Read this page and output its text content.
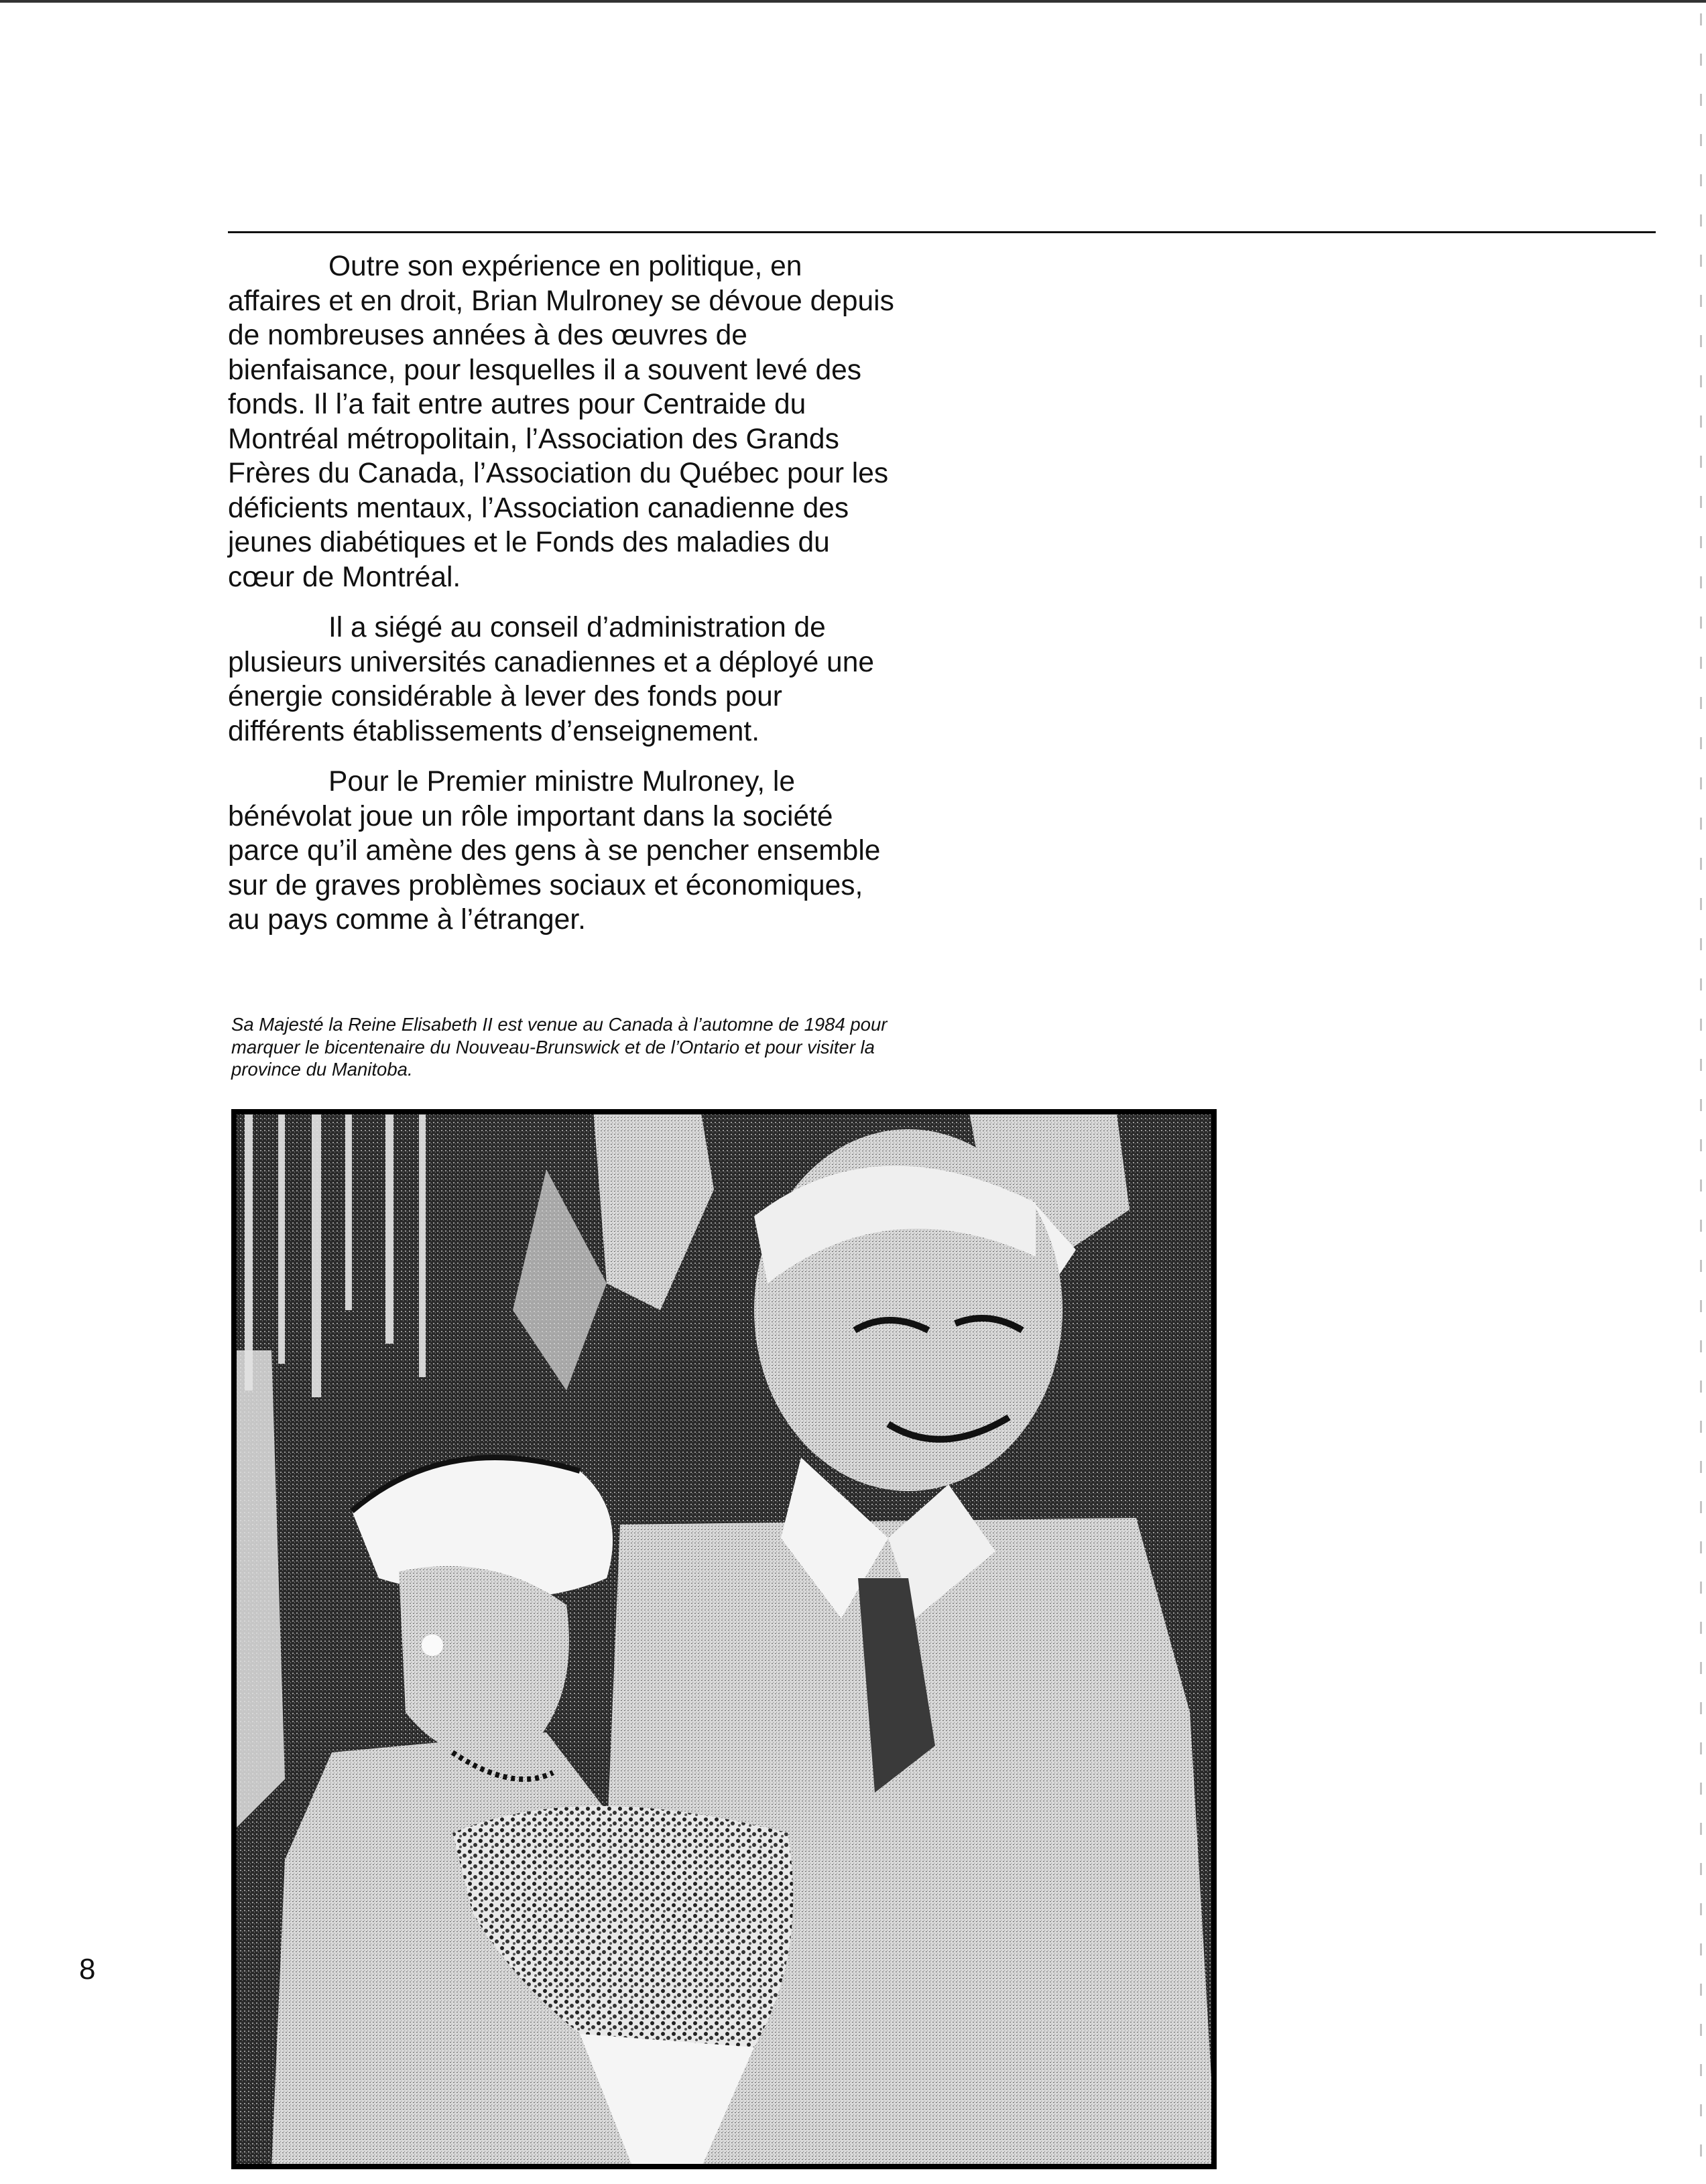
Outre son expérience en politique, en affaires et en droit, Brian Mulroney se dévoue depuis de nombreuses années à des œuvres de bienfaisance, pour lesquelles il a souvent levé des fonds. Il l’a fait entre autres pour Centraide du Montréal métropolitain, l’Association des Grands Frères du Canada, l’Association du Québec pour les déficients mentaux, l’Association canadienne des jeunes diabétiques et le Fonds des maladies du cœur de Montréal.

Il a siégé au conseil d’administration de plusieurs universités canadiennes et a déployé une énergie considérable à lever des fonds pour différents établissements d’enseignement.

Pour le Premier ministre Mulroney, le bénévolat joue un rôle important dans la société parce qu’il amène des gens à se pencher ensemble sur de graves problèmes sociaux et économiques, au pays comme à l’étranger.

Sa Majesté la Reine Elisabeth II est venue au Canada à l’automne de 1984 pour marquer le bicentenaire du Nouveau-Brunswick et de l’Ontario et pour visiter la province du Manitoba.
8
